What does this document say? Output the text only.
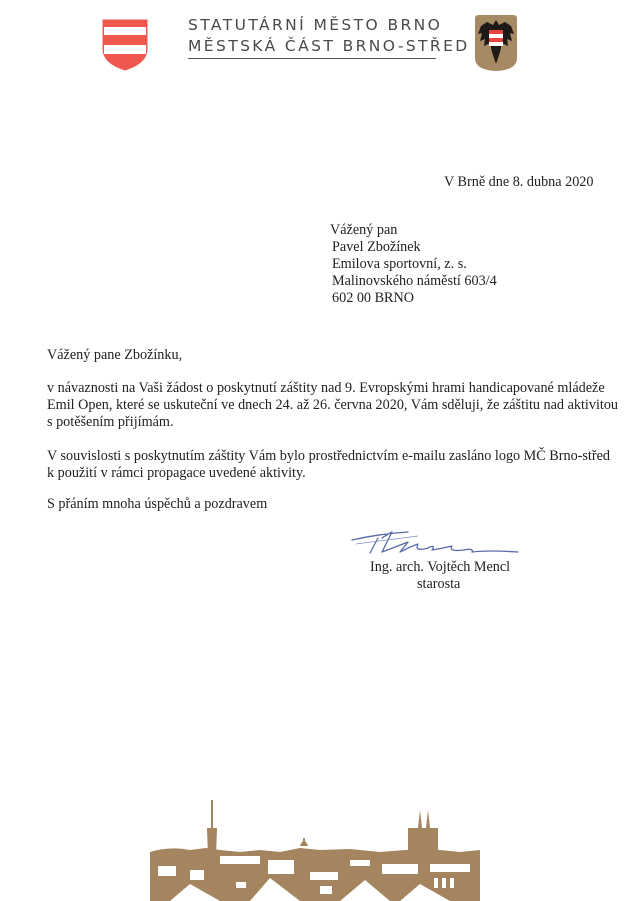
STATUTÁRNÍ MĚSTO BRNO
MĚSTSKÁ ČÁST BRNO-STŘED
V Brně dne 8. dubna 2020
Vážený pan
Pavel Zbožínek
Emilova sportovní, z. s.
Malinovského náměstí 603/4
602 00 BRNO
Vážený pane Zbožínku,
v návaznosti na Vaši žádost o poskytnutí záštity nad 9. Evropskými hrami handicapované mládeže
Emil Open, které se uskuteční ve dnech 24. až 26. června 2020, Vám sděluji, že záštitu nad aktivitou
s potěšením přijímám.
V souvislosti s poskytnutím záštity Vám bylo prostřednictvím e-mailu zasláno logo MČ Brno-střed
k použití v rámci propagace uvedené aktivity.
S přáním mnoha úspěchů a pozdravem
Ing. arch. Vojtěch Mencl
starosta
